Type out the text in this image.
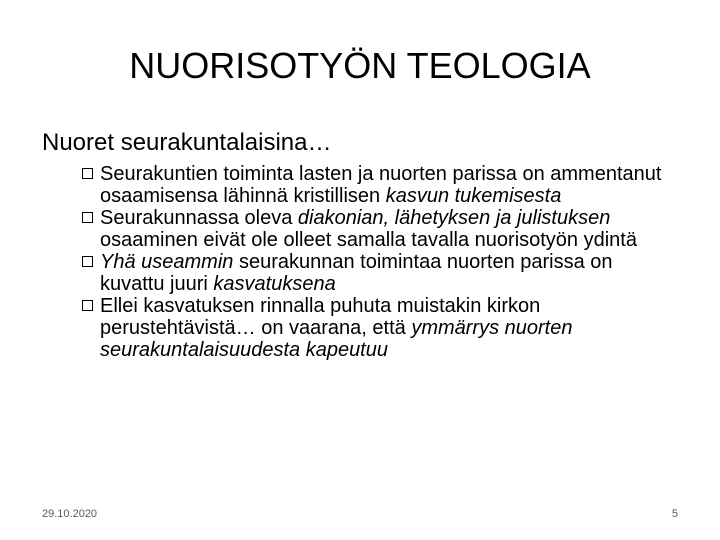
NUORISOTYÖN TEOLOGIA
Nuoret seurakuntalaisina…
Seurakuntien toiminta lasten ja nuorten parissa on ammentanut osaamisensa lähinnä kristillisen kasvun tukemisesta
Seurakunnassa oleva diakonian, lähetyksen ja julistuksen osaaminen eivät ole olleet samalla tavalla nuorisotyön ydintä
Yhä useammin seurakunnan toimintaa nuorten parissa on kuvattu juuri kasvatuksena
Ellei kasvatuksen rinnalla puhuta muistakin kirkon perustehtävistä… on vaarana, että ymmärrys nuorten seurakuntalaisuudesta kapeutuu
29.10.2020	5
